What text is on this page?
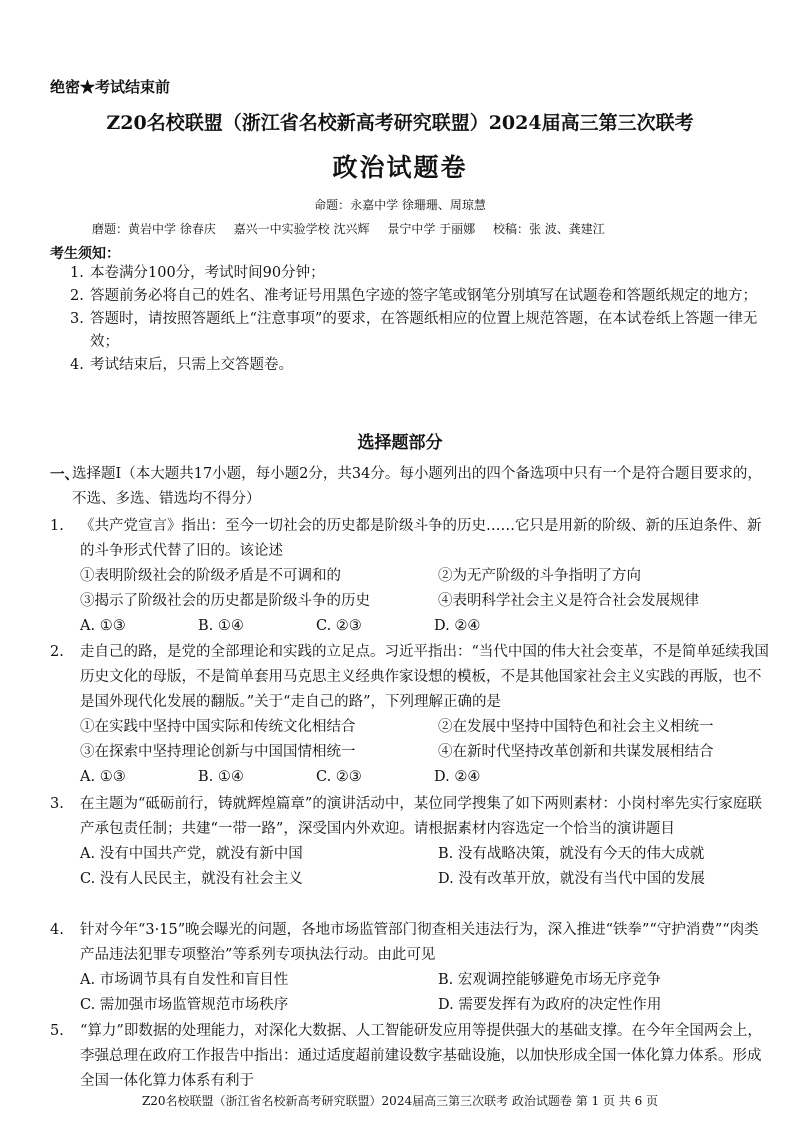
绝密★考试结束前
Z20名校联盟（浙江省名校新高考研究联盟）2024届高三第三次联考
政治试题卷
命题：永嘉中学 徐珊珊、周琼慧
磨题：黄岩中学 徐春庆 嘉兴一中实验学校 沈兴辉 景宁中学 于丽娜 校稿：张 波、龚建江
考生须知：
1. 本卷满分100分，考试时间90分钟；
2. 答题前务必将自己的姓名、准考证号用黑色字迹的签字笔或钢笔分别填写在试题卷和答题纸规定的地方；
3. 答题时，请按照答题纸上“注意事项”的要求，在答题纸相应的位置上规范答题，在本试卷纸上答题一律无效；
4. 考试结束后，只需上交答题卷。
选择题部分
一、
选择题Ⅰ（本大题共17小题，每小题2分，共34分。每小题列出的四个备选项中只有一个是符合题目要求的，不选、多选、错选均不得分）
1.	《共产党宣言》指出：至今一切社会的历史都是阶级斗争的历史……它只是用新的阶级、新的压迫条件、新的斗争形式代替了旧的。该论述
①表明阶级社会的阶级矛盾是不可调和的	②为无产阶级的斗争指明了方向
③揭示了阶级社会的历史都是阶级斗争的历史	④表明科学社会主义是符合社会发展规律
A. ①③	B. ①④	C. ②③	D. ②④
2.	走自己的路，是党的全部理论和实践的立足点。习近平指出：“当代中国的伟大社会变革，不是简单延续我国历史文化的母版，不是简单套用马克思主义经典作家设想的模板，不是其他国家社会主义实践的再版，也不是国外现代化发展的翻版。”关于“走自己的路”，下列理解正确的是
①在实践中坚持中国实际和传统文化相结合	②在发展中坚持中国特色和社会主义相统一
③在探索中坚持理论创新与中国国情相统一	④在新时代坚持改革创新和共谋发展相结合
A. ①③	B. ①④	C. ②③	D. ②④
3.	在主题为“砥砺前行，铸就辉煌篇章”的演讲活动中，某位同学搜集了如下两则素材：小岗村率先实行家庭联产承包责任制；共建“一带一路”，深受国内外欢迎。请根据素材内容选定一个恰当的演讲题目
A. 没有中国共产党，就没有新中国	B. 没有战略决策，就没有今天的伟大成就
C. 没有人民民主，就没有社会主义	D. 没有改革开放，就没有当代中国的发展
4.	针对今年“3·15”晚会曝光的问题，各地市场监管部门彻查相关违法行为，深入推进“铁拳”“守护消费”“肉类产品违法犯罪专项整治”等系列专项执法行动。由此可见
A. 市场调节具有自发性和盲目性	B. 宏观调控能够避免市场无序竞争
C. 需加强市场监管规范市场秩序	D. 需要发挥有为政府的决定性作用
5.	“算力”即数据的处理能力，对深化大数据、人工智能研发应用等提供强大的基础支撑。在今年全国两会上，李强总理在政府工作报告中指出：通过适度超前建设数字基础设施，以加快形成全国一体化算力体系。形成全国一体化算力体系有利于
Z20名校联盟（浙江省名校新高考研究联盟）2024届高三第三次联考 政治试题卷 第 1 页 共 6 页
